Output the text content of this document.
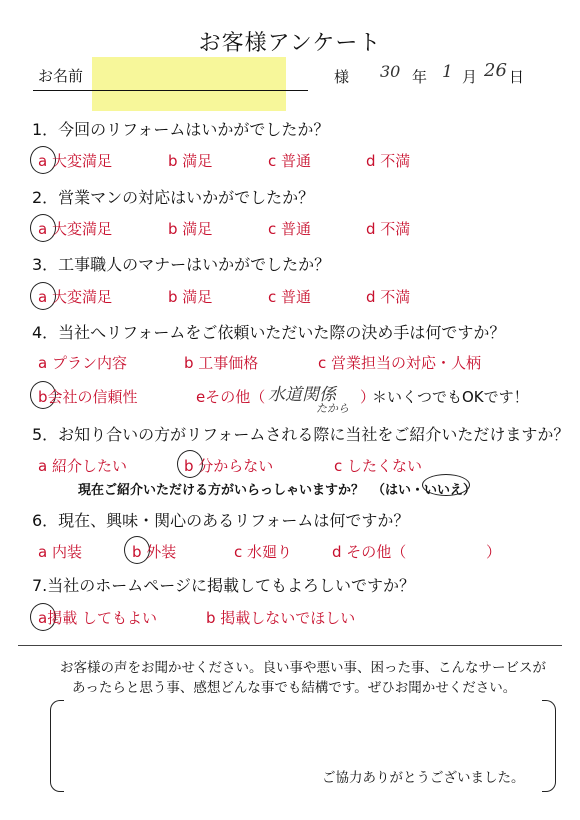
お客様アンケート
お名前	様 30 年 1 月 26 日
1．今回のリフォームはいかがでしたか？
a 大変満足	b 満足	c 普通	d 不満
2．営業マンの対応はいかがでしたか？
a 大変満足	b 満足	c 普通	d 不満
3．工事職人のマナーはいかがでしたか？
a 大変満足	b 満足	c 普通	d 不満
4．当社へリフォームをご依頼いただいた際の決め手は何ですか？
a プラン内容	b 工事価格	c 営業担当の対応・人柄
b会社の信頼性	eその他（ 水道関係
たから
）
＊いくつでもOKです！
5．お知り合いの方がリフォームされる際に当社をご紹介いただけますか？
a 紹介したい	b 分からない	c したくない
現在ご紹介いただける方がいらっしゃいますか？ （はい・いいえ）
6．現在、興味・関心のあるリフォームは何ですか？
a 内装	b 外装	c 水廻り	d その他（	）
7.当社のホームページに掲載してもよろしいですか？
a掲載 してもよい	b 掲載しないでほしい
お客様の声をお聞かせください。良い事や悪い事、困った事、こんなサービスが
あったらと思う事、感想どんな事でも結構です。ぜひお聞かせください。
ご協力ありがとうございました。
